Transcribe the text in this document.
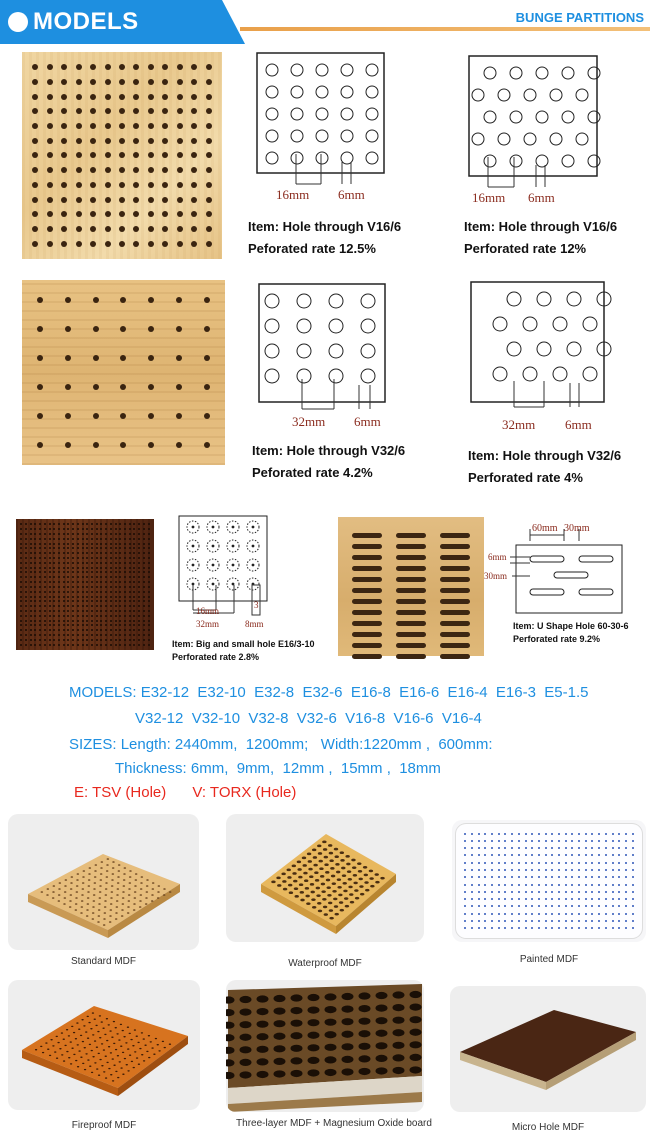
MODELS	BUNGE PARTITIONS
16mm 6mm
Item: Hole through V16/6
Peforated rate 12.5%
16mm 6mm
Item: Hole through V16/6
Perforated rate 12%
32mm 6mm
Item: Hole through V32/6
Peforated rate 4.2%
32mm 6mm
Item: Hole through V32/6
Perforated rate 4%
16mm
32mm	8mm
3
Item: Big and small hole E16/3-10
Perforated rate 2.8%
60mm 30mm
6mm
30mm
Item: U Shape Hole 60-30-6
Perforated rate 9.2%
MODELS: E32-12  E32-10  E32-8  E32-6  E16-8  E16-6  E16-4  E16-3  E5-1.5
V32-12  V32-10  V32-8  V32-6  V16-8  V16-6  V16-4
SIZES: Length: 2440mm,  1200mm;   Width:1220mm ,  600mm:
Thickness: 6mm,  9mm,  12mm ,  15mm ,  18mm
E: TSV (Hole) V: TORX (Hole)
Standard MDF	Waterproof MDF	Painted MDF
Fireproof MDF	Three-layer MDF + Magnesium Oxide board	Micro Hole MDF
